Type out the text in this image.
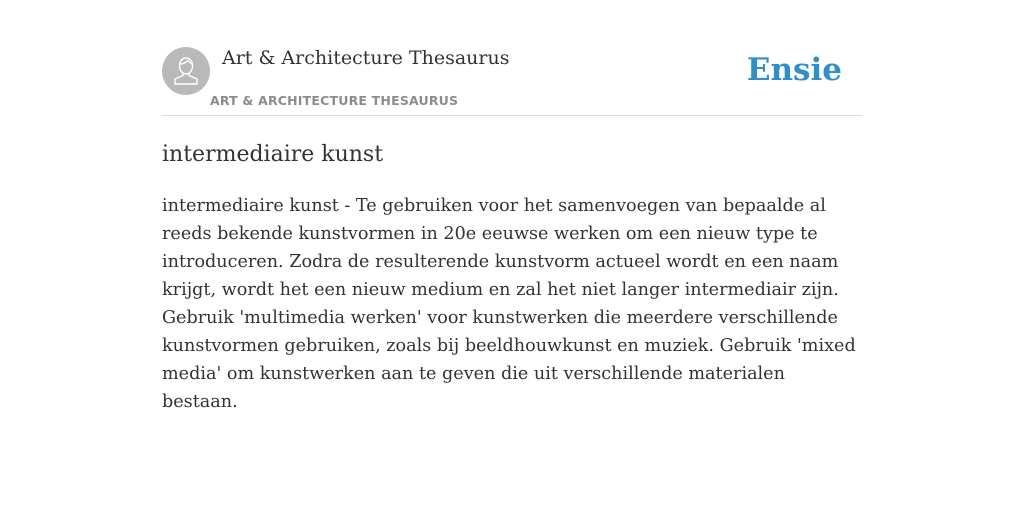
Art & Architecture Thesaurus
ART & ARCHITECTURE THESAURUS
Ensie
intermediaire kunst

intermediaire kunst - Te gebruiken voor het samenvoegen van bepaalde al reeds bekende kunstvormen in 20e eeuwse werken om een nieuw type te introduceren. Zodra de resulterende kunstvorm actueel wordt en een naam krijgt, wordt het een nieuw medium en zal het niet langer intermediair zijn. Gebruik 'multimedia werken' voor kunstwerken die meerdere verschillende kunstvormen gebruiken, zoals bij beeldhouwkunst en muziek. Gebruik 'mixed media' om kunstwerken aan te geven die uit verschillende materialen bestaan.
